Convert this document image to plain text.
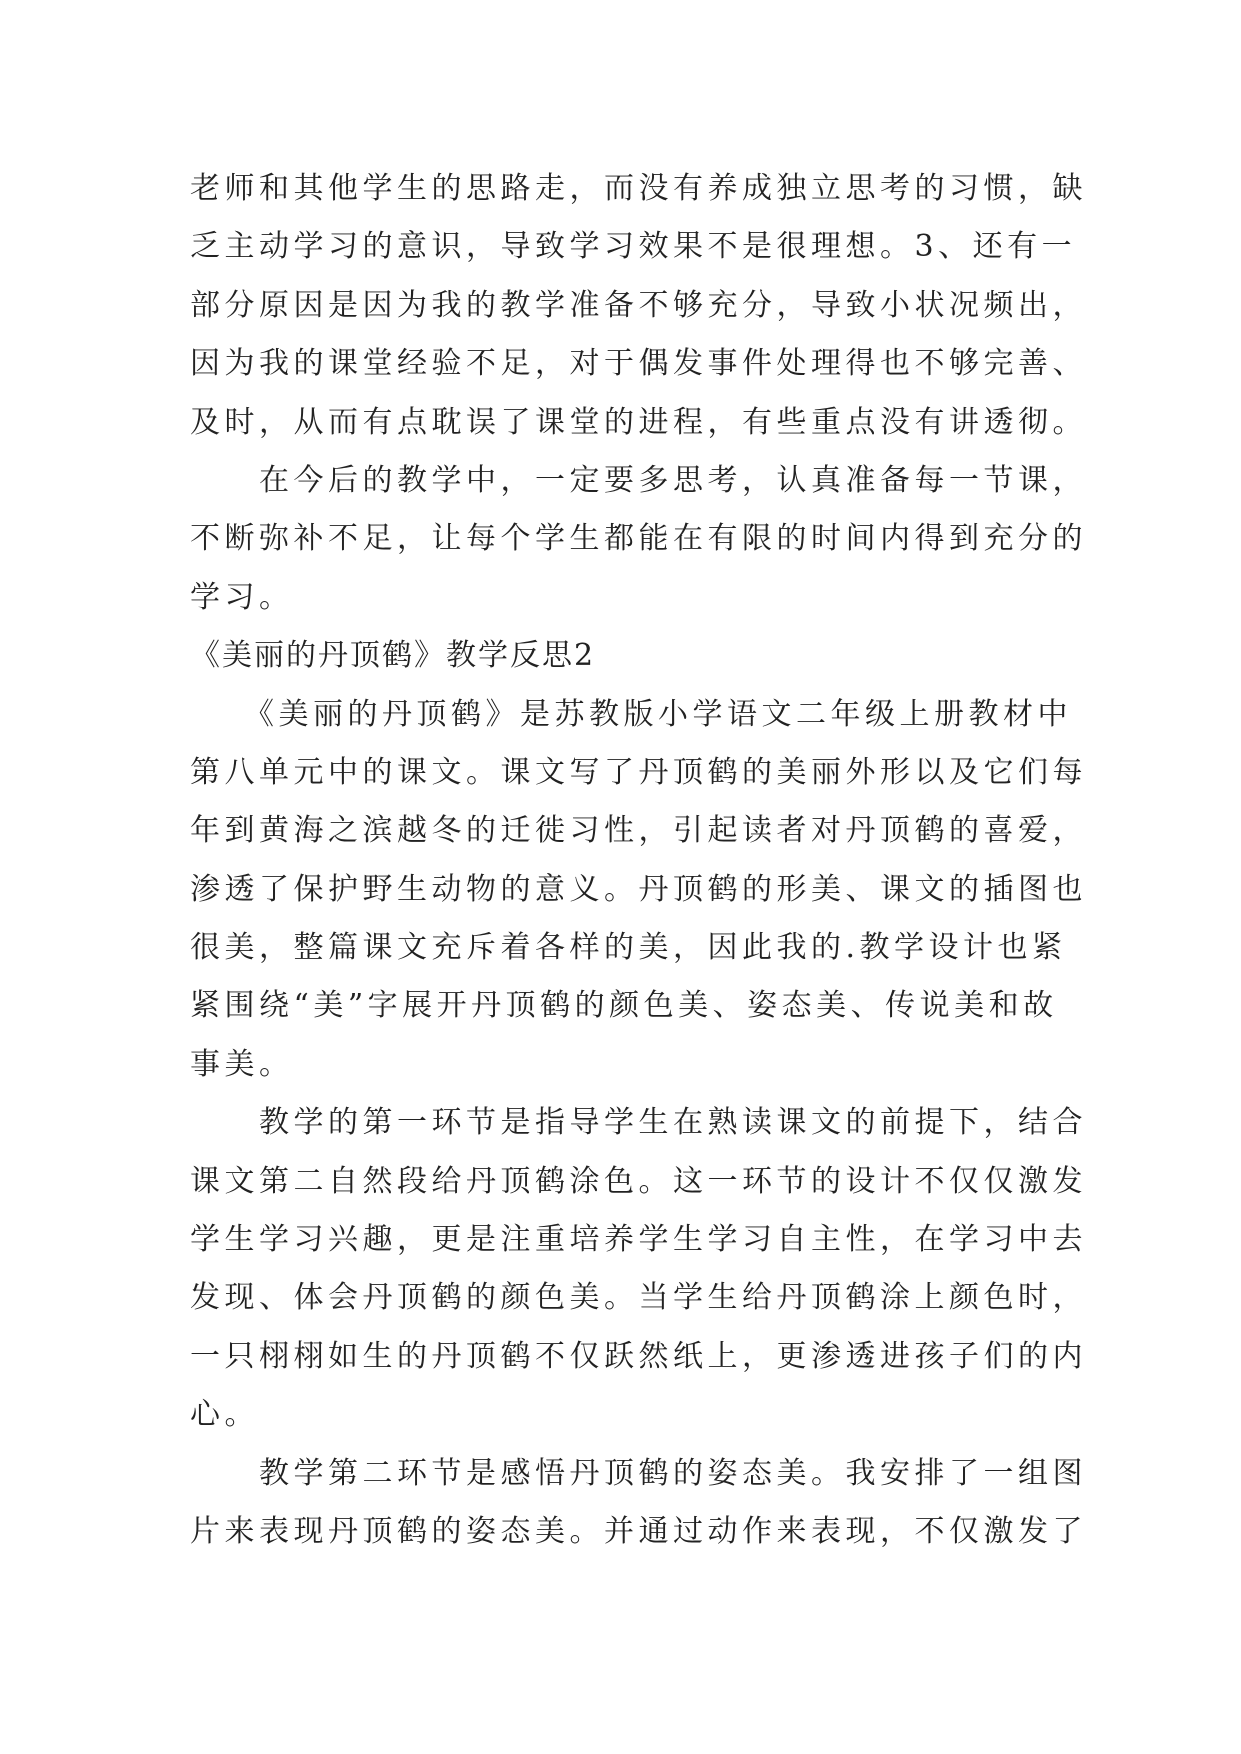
老师和其他学生的思路走，而没有养成独立思考的习惯，缺
乏主动学习的意识，导致学习效果不是很理想。3、还有一
部分原因是因为我的教学准备不够充分，导致小状况频出，
因为我的课堂经验不足，对于偶发事件处理得也不够完善、
及时，从而有点耽误了课堂的进程，有些重点没有讲透彻。
　　在今后的教学中，一定要多思考，认真准备每一节课，
不断弥补不足，让每个学生都能在有限的时间内得到充分的
学习。
《美丽的丹顶鹤》教学反思2
　　《美丽的丹顶鹤》是苏教版小学语文二年级上册教材中
第八单元中的课文。课文写了丹顶鹤的美丽外形以及它们每
年到黄海之滨越冬的迁徙习性，引起读者对丹顶鹤的喜爱，
渗透了保护野生动物的意义。丹顶鹤的形美、课文的插图也
很美，整篇课文充斥着各样的美，因此我的.教学设计也紧
紧围绕“美”字展开丹顶鹤的颜色美、姿态美、传说美和故
事美。
　　教学的第一环节是指导学生在熟读课文的前提下，结合
课文第二自然段给丹顶鹤涂色。这一环节的设计不仅仅激发
学生学习兴趣，更是注重培养学生学习自主性，在学习中去
发现、体会丹顶鹤的颜色美。当学生给丹顶鹤涂上颜色时，
一只栩栩如生的丹顶鹤不仅跃然纸上，更渗透进孩子们的内
心。
　　教学第二环节是感悟丹顶鹤的姿态美。我安排了一组图
片来表现丹顶鹤的姿态美。并通过动作来表现，不仅激发了
